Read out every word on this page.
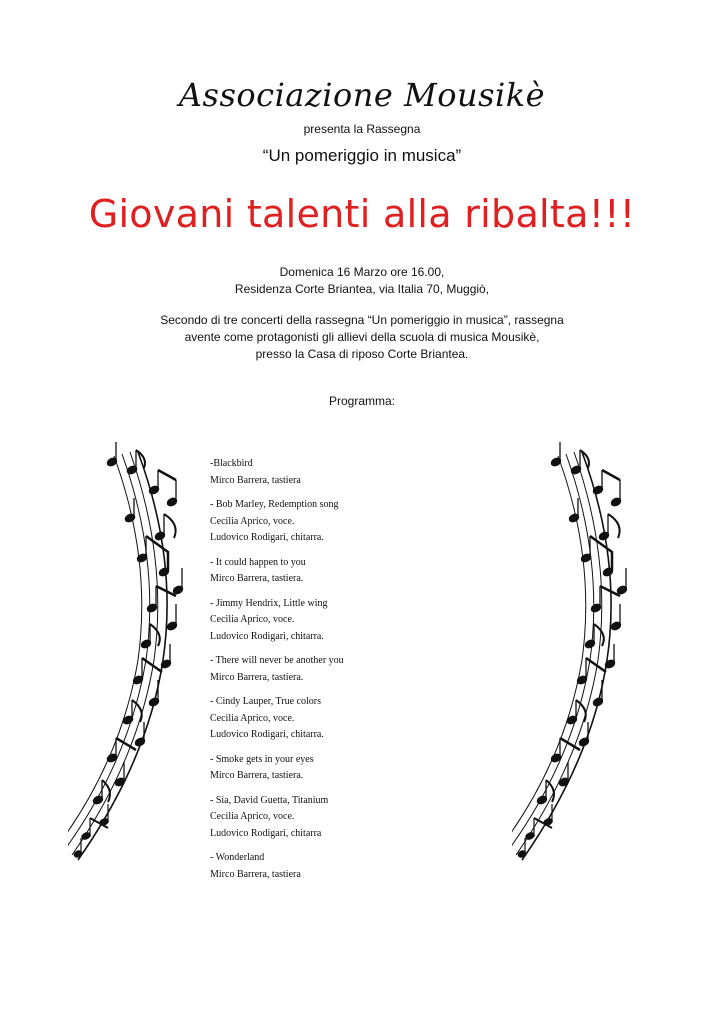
Associazione Mousikè
presenta la Rassegna
“Un pomeriggio in musica”
Giovani talenti alla ribalta!!!
Domenica 16 Marzo ore 16.00,
Residenza Corte Briantea, via Italia 70, Muggiò,
Secondo di tre concerti della rassegna “Un pomeriggio in musica”, rassegna
avente come protagonisti gli allievi della scuola di musica Mousikè,
presso la Casa di riposo Corte Briantea.
Programma:
-Blackbird
Mirco Barrera, tastiera
- Bob Marley, Redemption song
Cecilia Aprico, voce.
Ludovico Rodigari, chitarra.
- It could happen to you
Mirco Barrera, tastiera.
- Jimmy Hendrix, Little wing
Cecilia Aprico, voce.
Ludovico Rodigari, chitarra.
- There will never be another you
Mirco Barrera, tastiera.
- Cindy Lauper, True colors
Cecilia Aprico, voce.
Ludovico Rodigari, chitarra.
- Smoke gets in your eyes
Mirco Barrera, tastiera.
- Sia, David Guetta, Titanium
Cecilia Aprico, voce.
Ludovico Rodigari, chitarra
- Wonderland
Mirco Barrera, tastiera
